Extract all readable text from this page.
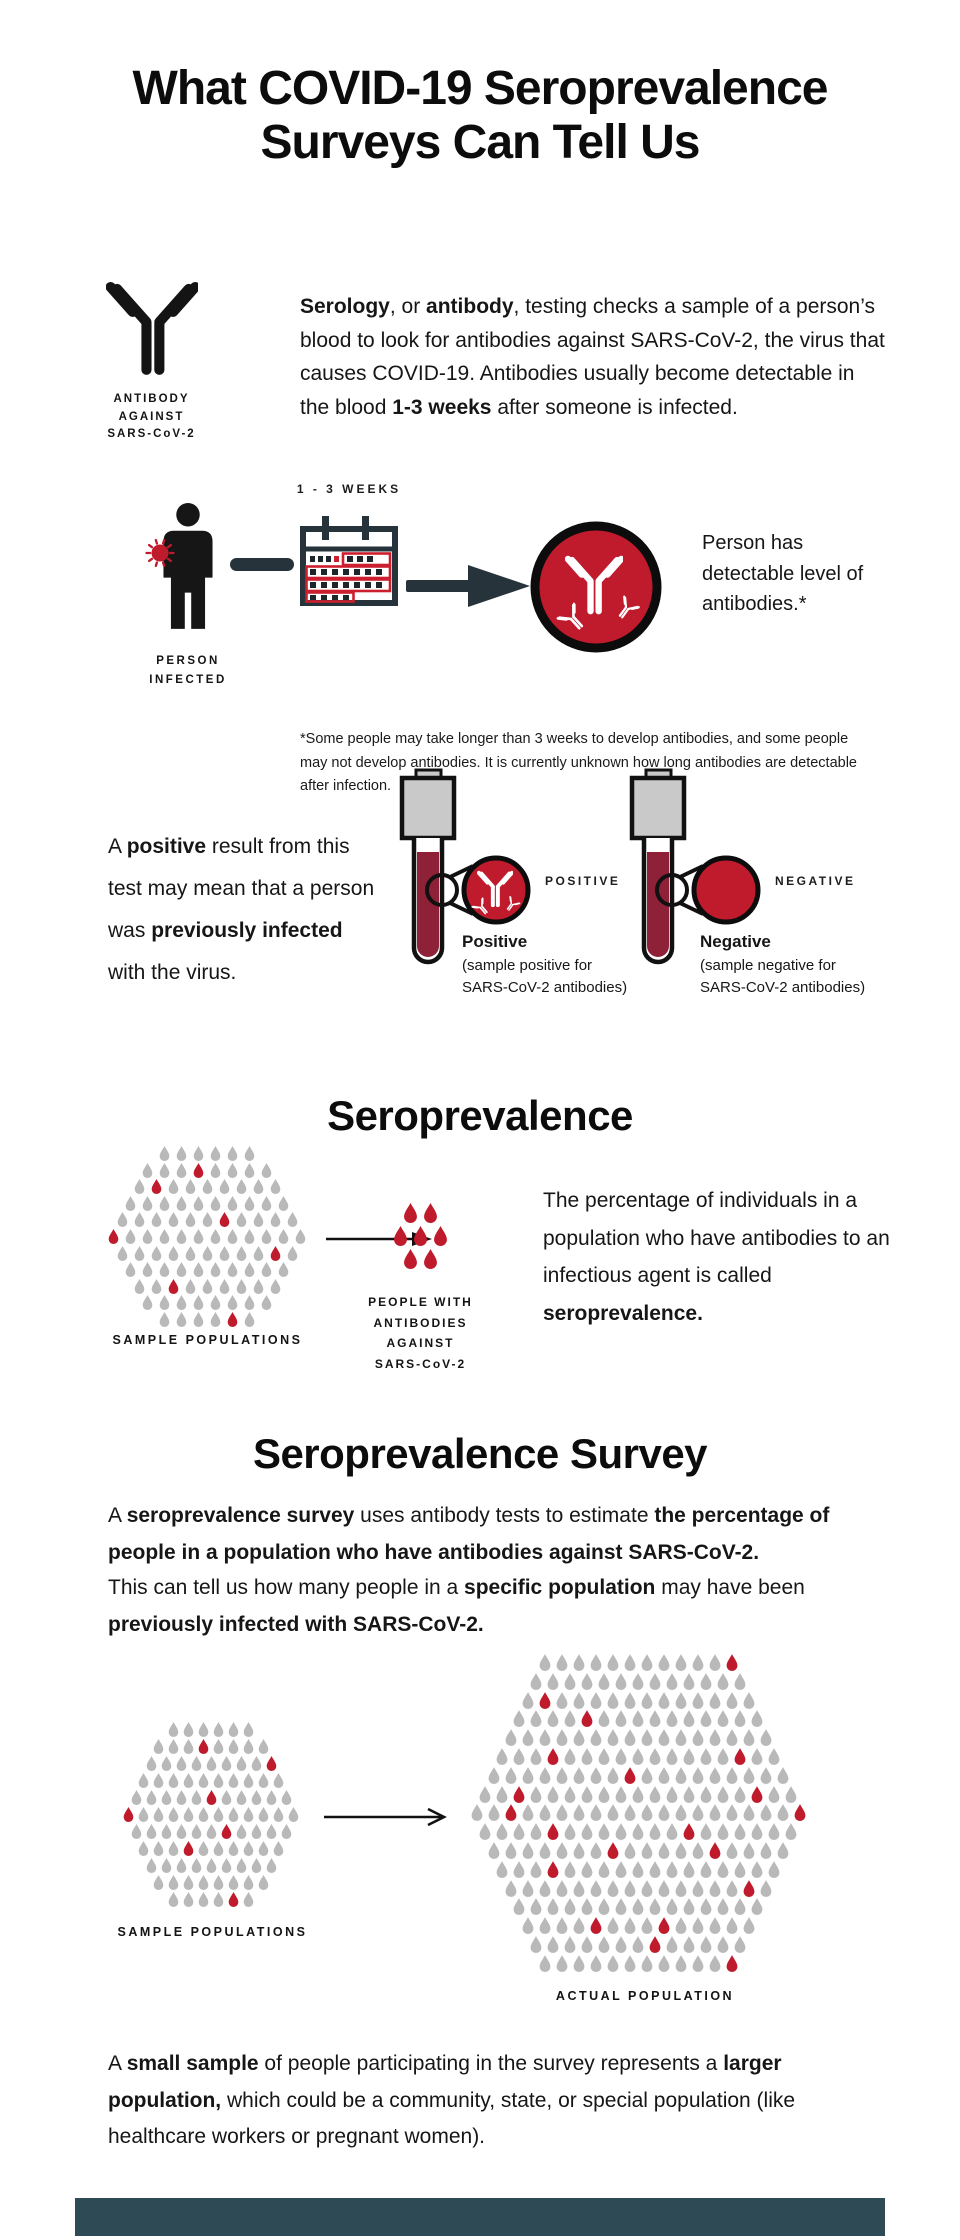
What COVID-19 Seroprevalence
Surveys Can Tell Us
ANTIBODY
AGAINST
SARS-CoV-2
Serology, or antibody, testing checks a sample of a person’s blood to look for antibodies against SARS-CoV-2, the virus that causes COVID-19. Antibodies usually become detectable in the blood 1-3 weeks after someone is infected.
PERSON
INFECTED
1 - 3 WEEKS
Person has detectable level of antibodies.*
*Some people may take longer than 3 weeks to develop antibodies, and some people may not develop antibodies. It is currently unknown how long antibodies are detectable after infection.
A positive result from this test may mean that a person was previously infected with the virus.
POSITIVE
Positive
(sample positive for
SARS-CoV-2 antibodies)
NEGATIVE
Negative
(sample negative for
SARS-CoV-2 antibodies)
Seroprevalence
SAMPLE POPULATIONS
PEOPLE WITH
ANTIBODIES
AGAINST
SARS-CoV-2
The percentage of individuals in a population who have antibodies to an infectious agent is called seroprevalence.
Seroprevalence Survey
A seroprevalence survey uses antibody tests to estimate the percentage of people in a population who have antibodies against SARS-CoV-2.
This can tell us how many people in a specific population may have been previously infected with SARS-CoV-2.
SAMPLE POPULATIONS
ACTUAL POPULATION
A small sample of people participating in the survey represents a larger population, which could be a community, state, or special population (like healthcare workers or pregnant women).
